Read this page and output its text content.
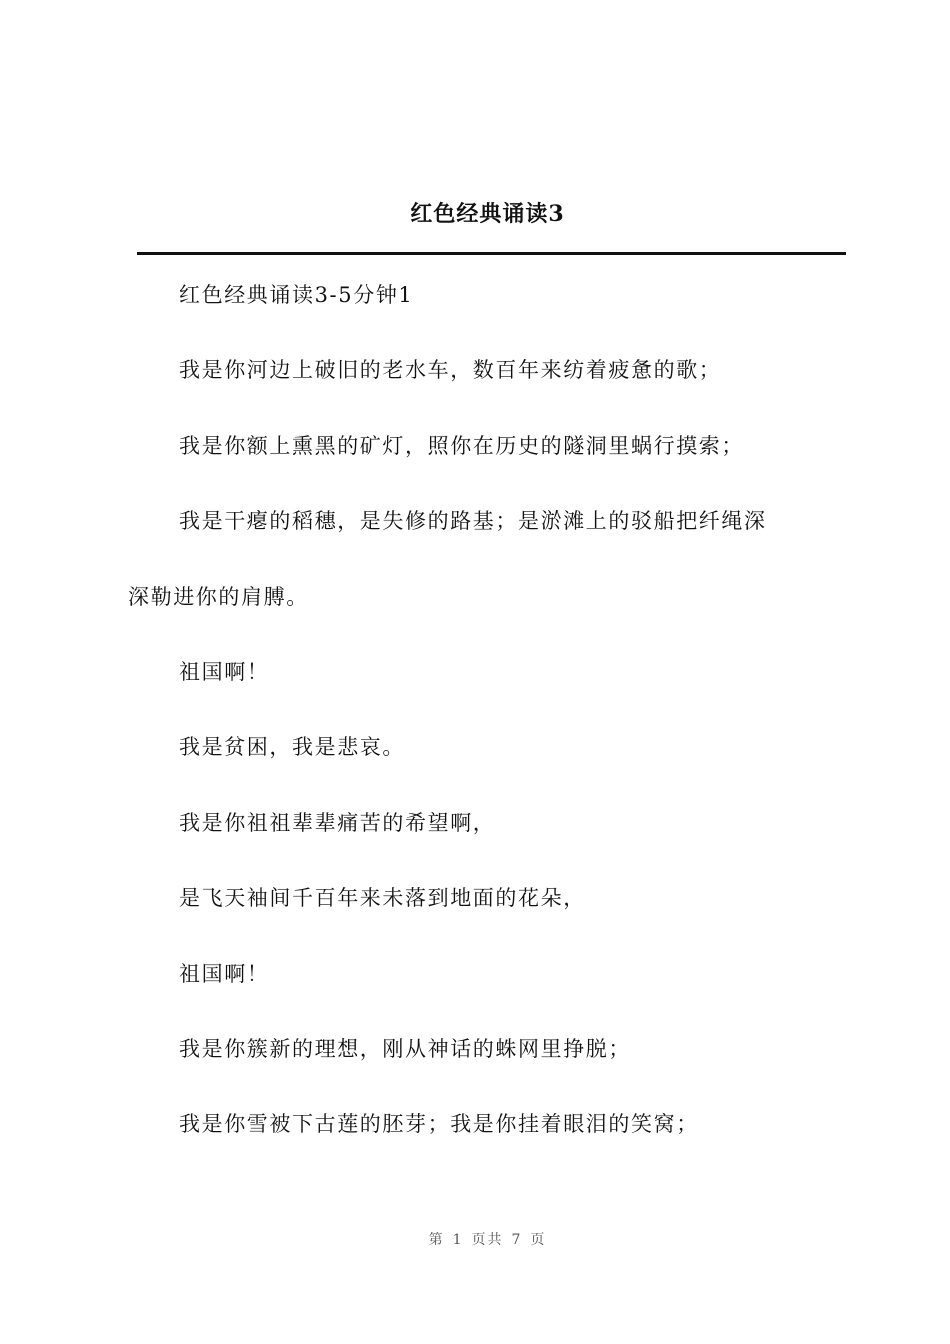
红色经典诵读3

红色经典诵读3-5分钟1

我是你河边上破旧的老水车，数百年来纺着疲惫的歌；

我是你额上熏黑的矿灯，照你在历史的隧洞里蜗行摸索；

我是干瘪的稻穗，是失修的路基；是淤滩上的驳船把纤绳深

深勒进你的肩膊。

祖国啊！

我是贫困，我是悲哀。

我是你祖祖辈辈痛苦的希望啊，

是飞天袖间千百年来未落到地面的花朵，

祖国啊！

我是你簇新的理想，刚从神话的蛛网里挣脱；

我是你雪被下古莲的胚芽；我是你挂着眼泪的笑窝；

第 1 页共 7 页
